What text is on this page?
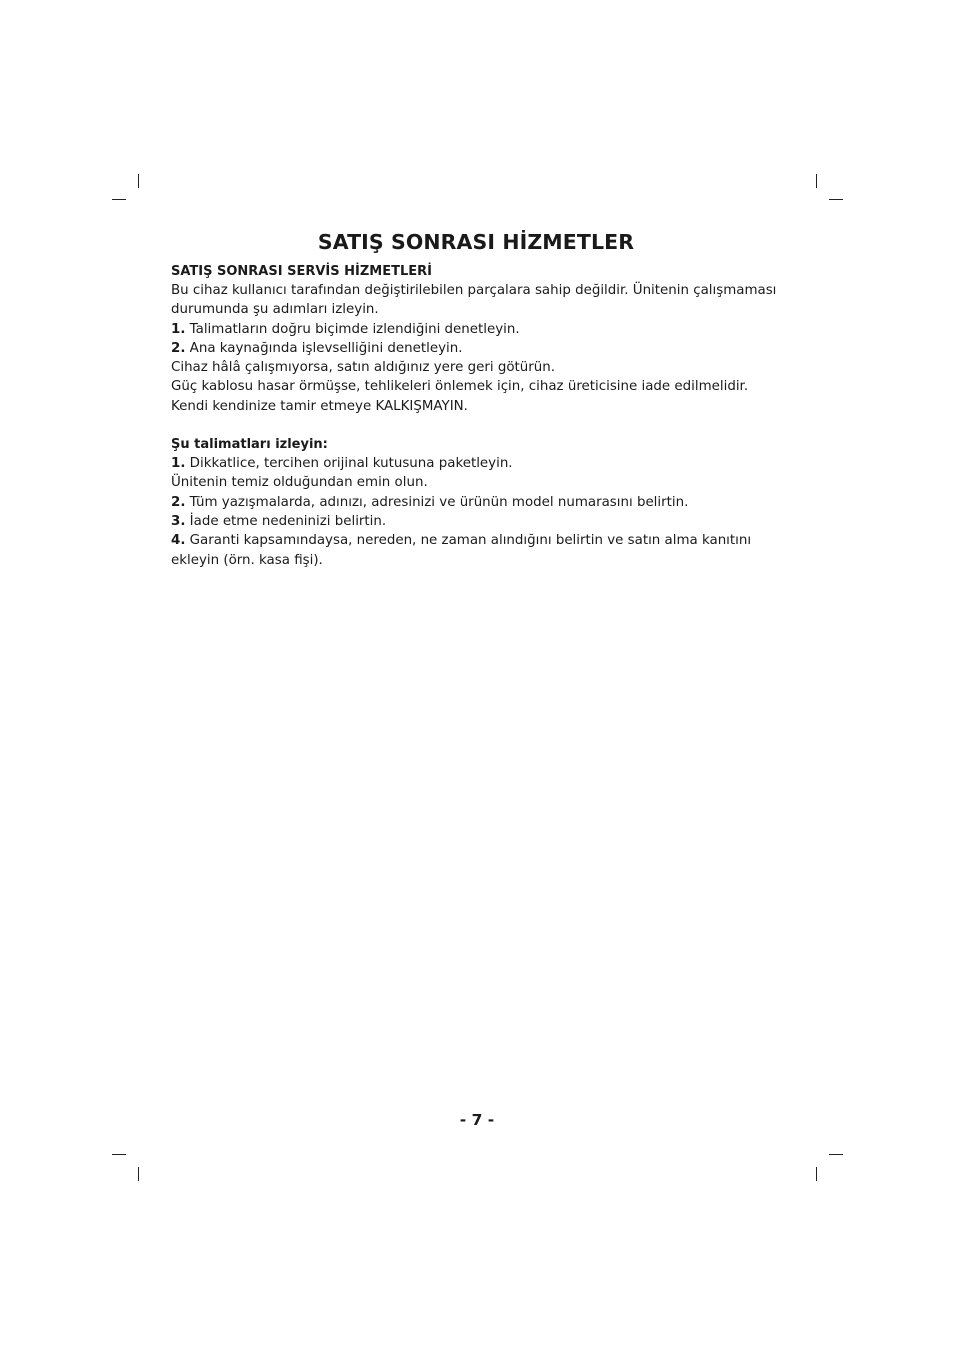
SATIŞ SONRASI HİZMETLER

SATIŞ SONRASI SERVİS HİZMETLERİ

Bu cihaz kullanıcı tarafından değiştirilebilen parçalara sahip değildir. Ünitenin çalışmaması durumunda şu adımları izleyin.

1. Talimatların doğru biçimde izlendiğini denetleyin.

2. Ana kaynağında işlevselliğini denetleyin.

Cihaz hâlâ çalışmıyorsa, satın aldığınız yere geri götürün.

Güç kablosu hasar örmüşse, tehlikeleri önlemek için, cihaz üreticisine iade edilmelidir.

Kendi kendinize tamir etmeye KALKIŞMAYIN.

Şu talimatları izleyin:

1. Dikkatlice, tercihen orijinal kutusuna paketleyin.

Ünitenin temiz olduğundan emin olun.

2. Tüm yazışmalarda, adınızı, adresinizi ve ürünün model numarasını belirtin.

3. İade etme nedeninizi belirtin.

4. Garanti kapsamındaysa, nereden, ne zaman alındığını belirtin ve satın alma kanıtını ekleyin (örn. kasa fişi).

- 7 -
